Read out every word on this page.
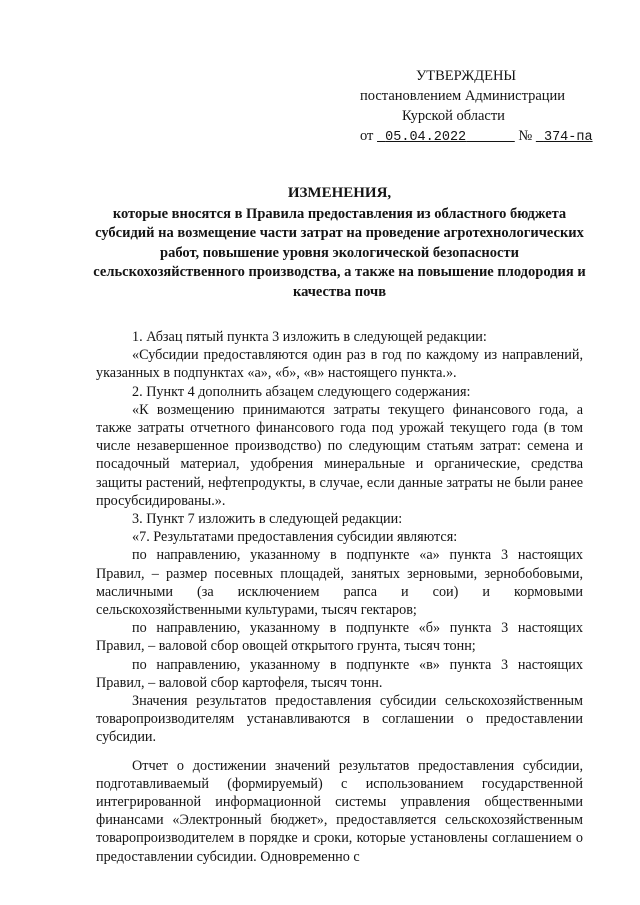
УТВЕРЖДЕНЫ
постановлением Администрации
Курской области
от 05.04.2022	№ 374-па
ИЗМЕНЕНИЯ,
которые вносятся в Правила предоставления из областного бюджета субсидий на возмещение части затрат на проведение агротехнологических работ, повышение уровня экологической безопасности сельскохозяйственного производства, а также на повышение плодородия и качества почв

1. Абзац пятый пункта 3 изложить в следующей редакции:

«Субсидии предоставляются один раз в год по каждому из направлений, указанных в подпунктах «а», «б», «в» настоящего пункта.».

2. Пункт 4 дополнить абзацем следующего содержания:

«К возмещению принимаются затраты текущего финансового года, а также затраты отчетного финансового года под урожай текущего года (в том числе незавершенное производство) по следующим статьям затрат: семена и посадочный материал, удобрения минеральные и органические, средства защиты растений, нефтепродукты, в случае, если данные затраты не были ранее просубсидированы.».

3. Пункт 7 изложить в следующей редакции:

«7. Результатами предоставления субсидии являются:

по направлению, указанному в подпункте «а» пункта 3 настоящих Правил, – размер посевных площадей, занятых зерновыми, зернобобовыми, масличными (за исключением рапса и сои) и кормовыми сельскохозяйственными культурами, тысяч гектаров;

по направлению, указанному в подпункте «б» пункта 3 настоящих Правил, – валовой сбор овощей открытого грунта, тысяч тонн;

по направлению, указанному в подпункте «в» пункта 3 настоящих Правил, – валовой сбор картофеля, тысяч тонн.

Значения результатов предоставления субсидии сельскохозяйственным товаропроизводителям устанавливаются в соглашении о предоставлении субсидии.

Отчет о достижении значений результатов предоставления субсидии, подготавливаемый (формируемый) с использованием государственной интегрированной информационной системы управления общественными финансами «Электронный бюджет», предоставляется сельскохозяйственным товаропроизводителем в порядке и сроки, которые установлены соглашением о предоставлении субсидии. Одновременно с
